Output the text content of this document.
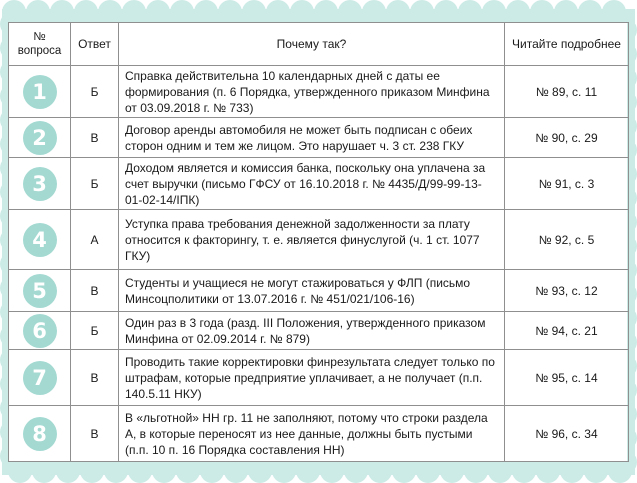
№ вопроса	Ответ	Почему так?	Читайте подробнее
1	Б	Справка действительна 10 календарных дней с даты ее формирования (п. 6 Порядка, утвержденного приказом Минфина от 03.09.2018 г. № 733)	№ 89, с. 11
2	В	Договор аренды автомобиля не может быть подписан с обеих сторон одним и тем же лицом. Это нарушает ч. 3 ст. 238 ГКУ	№ 90, с. 29
3	Б	Доходом является и комиссия банка, поскольку она уплачена за счет выручки (письмо ГФСУ от 16.10.2018 г. № 4435/Д/99-99-13-01-02-14/ІПК)	№ 91, с. 3
4	А	Уступка права требования денежной задолженности за плату относится к факторингу, т. е. является финуслугой (ч. 1 ст. 1077 ГКУ)	№ 92, с. 5
5	В	Студенты и учащиеся не могут стажироваться у ФЛП (письмо Минсоцполитики от 13.07.2016 г. № 451/021/106-16)	№ 93, с. 12
6	Б	Один раз в 3 года (разд. III Положения, утвержденного приказом Минфина от 02.09.2014 г. № 879)	№ 94, с. 21
7	В	Проводить такие корректировки финрезультата следует только по штрафам, которые предприятие уплачивает, а не получает (п.п. 140.5.11 НКУ)	№ 95, с. 14
8	В	В «льготной» НН гр. 11 не заполняют, потому что строки раздела А, в которые переносят из нее данные, должны быть пустыми (п.п. 10 п. 16 Порядка составления НН)	№ 96, с. 34
